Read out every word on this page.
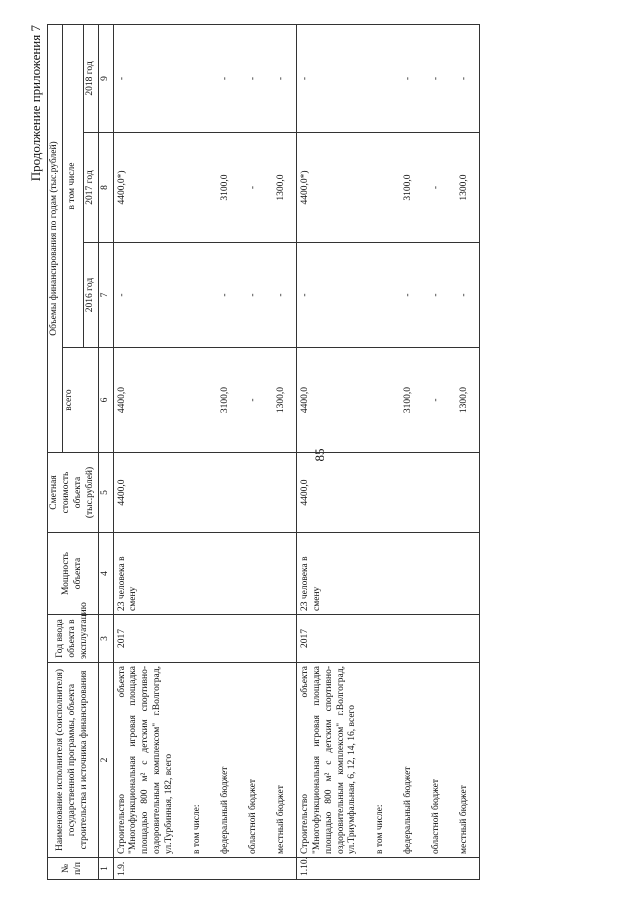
85
Продолжение приложения 7
№ п/п	Наименование исполнителя (соисполнителя) государственной программы, объекта строительства и источника финансирования	Год ввода объекта в эксплуатацию	Мощность объекта	Сметная стоимость объекта (тыс.рублей)	Объемы финансирования по годам (тыс.рублей)			
					всего	в том числе		
						2016 год	2017 год	2018 год
1	2	3	4	5	6	7	8	9
1.9.	Строительство объекта "Многофункциональная игровая площадка площадью 800 м² с детским спортивно-оздоровительным комплексом" г.Волгоград, ул.Турбинная, 182, всего	2017	23 человека в смену	4400,0	4400,0	-	4400,0*)	-
	в том числе:							
	федеральный бюджет				3100,0	-	3100,0	-
	областной бюджет				-	-	-	-
	местный бюджет				1300,0	-	1300,0	-
1.10.	Строительство объекта "Многофункциональная игровая площадка площадью 800 м² с детским спортивно-оздоровительным комплексом" г.Волгоград, ул.Триумфальная, 6, 12, 14, 16, всего	2017	23 человека в смену	4400,0	4400,0	-	4400,0*)	-
	в том числе:							
	федеральный бюджет				3100,0	-	3100,0	-
	областной бюджет				-	-	-	-
	местный бюджет				1300,0	-	1300,0	-
